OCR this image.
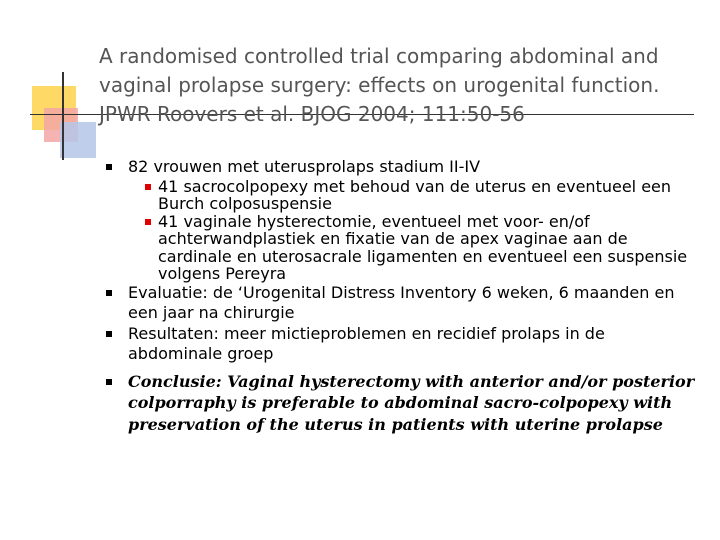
A randomised controlled trial comparing abdominal and
vaginal prolapse surgery: effects on urogenital function.
JPWR Roovers et al. BJOG 2004; 111:50-56
82 vrouwen met uterusprolaps stadium II-IV
41 sacrocolpopexy met behoud van de uterus en eventueel een Burch colposuspensie
41 vaginale hysterectomie, eventueel met voor- en/of achterwandplastiek en fixatie van de apex vaginae aan de cardinale en uterosacrale ligamenten en eventueel een suspensie volgens Pereyra
Evaluatie: de ‘Urogenital Distress Inventory 6 weken, 6 maanden en een jaar na chirurgie
Resultaten: meer mictieproblemen en recidief prolaps in de abdominale groep
Conclusie: Vaginal hysterectomy with anterior and/or posterior colporraphy is preferable to abdominal sacro-colpopexy with preservation of the uterus in patients with uterine prolapse
